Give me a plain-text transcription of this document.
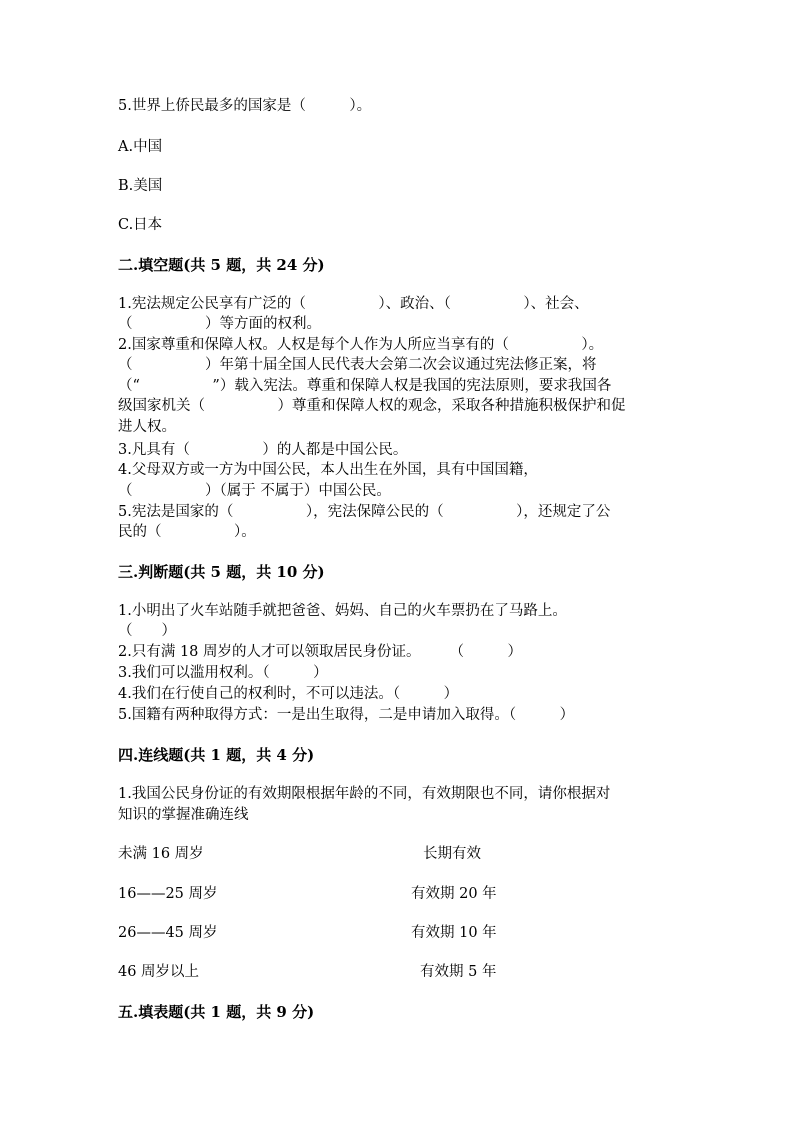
5.世界上侨民最多的国家是（　　　）。
A.中国
B.美国
C.日本
二.填空题(共 5 题，共 24 分)
1.宪法规定公民享有广泛的（　　　　　）、政治、（　　　　　）、社会、
（　　　　　）等方面的权利。
2.国家尊重和保障人权。人权是每个人作为人所应当享有的（　　　　　）。
（　　　　　）年第十届全国人民代表大会第二次会议通过宪法修正案，将
（“　　　　　”）载入宪法。尊重和保障人权是我国的宪法原则，要求我国各
级国家机关（　　　　　）尊重和保障人权的观念，采取各种措施积极保护和促
进人权。
3.凡具有（　　　　　）的人都是中国公民。
4.父母双方或一方为中国公民，本人出生在外国，具有中国国籍，
（　　　　　）（属于 不属于）中国公民。
5.宪法是国家的（　　　　　），宪法保障公民的（　　　　　），还规定了公
民的（　　　　　）。
三.判断题(共 5 题，共 10 分)
1.小明出了火车站随手就把爸爸、妈妈、自己的火车票扔在了马路上。
（　　）
2.只有满 18 周岁的人才可以领取居民身份证。　　　（　　　）
3.我们可以滥用权利。（　　　）
4.我们在行使自己的权利时，不可以违法。（　　　）
5.国籍有两种取得方式：一是出生取得，二是申请加入取得。（　　　）
四.连线题(共 1 题，共 4 分)
1.我国公民身份证的有效期限根据年龄的不同，有效期限也不同，请你根据对
知识的掌握准确连线
未满 16 周岁	长期有效
16——25 周岁	有效期 20 年
26——45 周岁	有效期 10 年
46 周岁以上	有效期 5 年
五.填表题(共 1 题，共 9 分)
